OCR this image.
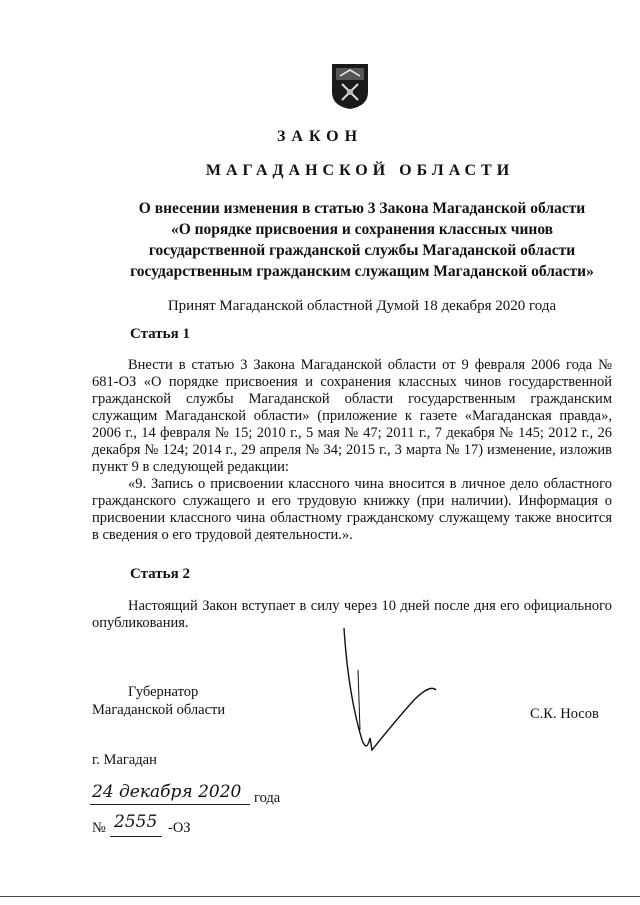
ЗАКОН
МАГАДАНСКОЙ ОБЛАСТИ
О внесении изменения в статью 3 Закона Магаданской области
«О порядке присвоения и сохранения классных чинов
государственной гражданской службы Магаданской области
государственным гражданским служащим Магаданской области»
Принят Магаданской областной Думой 18 декабря 2020 года
Статья 1

Внести в статью 3 Закона Магаданской области от 9 февраля 2006 года № 681-ОЗ «О порядке присвоения и сохранения классных чинов государственной гражданской службы Магаданской области государственным гражданским служащим Магаданской области» (приложение к газете «Магаданская правда», 2006 г., 14 февраля № 15; 2010 г., 5 мая № 47; 2011 г., 7 декабря № 145; 2012 г., 26 декабря № 124; 2014 г., 29 апреля № 34; 2015 г., 3 марта № 17) изменение, изложив пункт 9 в следующей редакции:

«9. Запись о присвоении классного чина вносится в личное дело областного гражданского служащего и его трудовую книжку (при наличии). Информация о присвоении классного чина областному гражданскому служащему также вносится в сведения о его трудовой деятельности.».

Статья 2

Настоящий Закон вступает в силу через 10 дней после дня его официального опубликования.

Губернатор
Магаданской области	С.К. Носов
г. Магадан
24 декабря 2020 года
№ 2555 -ОЗ
